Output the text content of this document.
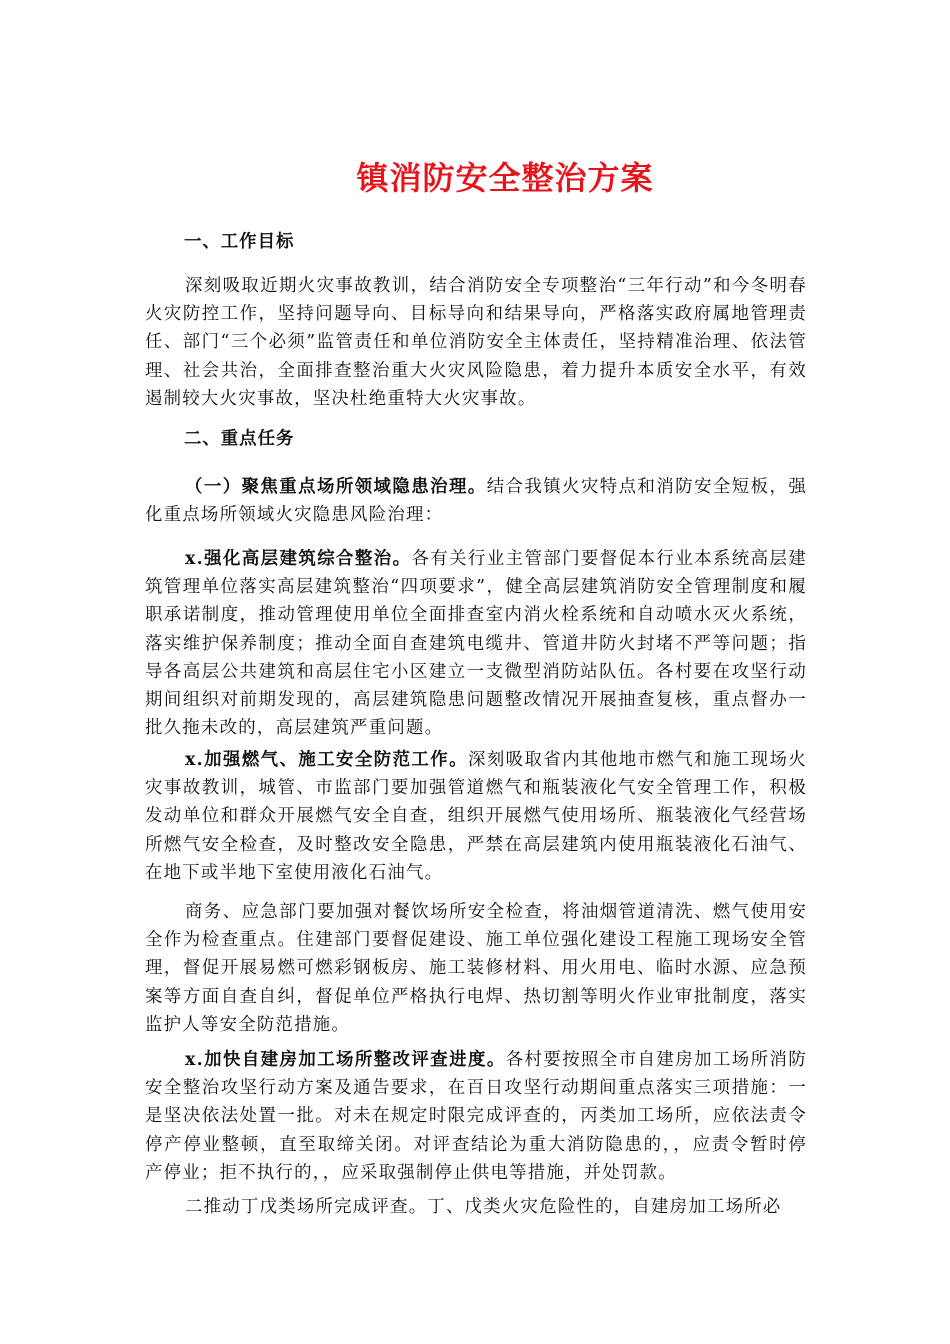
镇消防安全整治方案

一、工作目标

深刻吸取近期火灾事故教训，结合消防安全专项整治“三年行动”和今冬明春火灾防控工作，坚持问题导向、目标导向和结果导向，严格落实政府属地管理责任、部门“三个必须”监管责任和单位消防安全主体责任，坚持精准治理、依法管理、社会共治，全面排查整治重大火灾风险隐患，着力提升本质安全水平，有效遏制较大火灾事故，坚决杜绝重特大火灾事故。

二、重点任务

（一）聚焦重点场所领域隐患治理。结合我镇火灾特点和消防安全短板，强化重点场所领域火灾隐患风险治理：

x.强化高层建筑综合整治。各有关行业主管部门要督促本行业本系统高层建筑管理单位落实高层建筑整治“四项要求”，健全高层建筑消防安全管理制度和履职承诺制度，推动管理使用单位全面排查室内消火栓系统和自动喷水灭火系统，落实维护保养制度；推动全面自查建筑电缆井、管道井防火封堵不严等问题；指导各高层公共建筑和高层住宅小区建立一支微型消防站队伍。各村要在攻坚行动期间组织对前期发现的，高层建筑隐患问题整改情况开展抽查复核，重点督办一批久拖未改的，高层建筑严重问题。

x.加强燃气、施工安全防范工作。深刻吸取省内其他地市燃气和施工现场火灾事故教训，城管、市监部门要加强管道燃气和瓶装液化气安全管理工作，积极发动单位和群众开展燃气安全自查，组织开展燃气使用场所、瓶装液化气经营场所燃气安全检查，及时整改安全隐患，严禁在高层建筑内使用瓶装液化石油气、在地下或半地下室使用液化石油气。

商务、应急部门要加强对餐饮场所安全检查，将油烟管道清洗、燃气使用安全作为检查重点。住建部门要督促建设、施工单位强化建设工程施工现场安全管理，督促开展易燃可燃彩钢板房、施工装修材料、用火用电、临时水源、应急预案等方面自查自纠，督促单位严格执行电焊、热切割等明火作业审批制度，落实监护人等安全防范措施。

x.加快自建房加工场所整改评查进度。各村要按照全市自建房加工场所消防安全整治攻坚行动方案及通告要求，在百日攻坚行动期间重点落实三项措施：一是坚决依法处置一批。对未在规定时限完成评查的，丙类加工场所，应依法责令停产停业整顿，直至取缔关闭。对评查结论为重大消防隐患的，，应责令暂时停产停业；拒不执行的，，应采取强制停止供电等措施，并处罚款。

二推动丁戊类场所完成评查。丁、戊类火灾危险性的，自建房加工场所必
